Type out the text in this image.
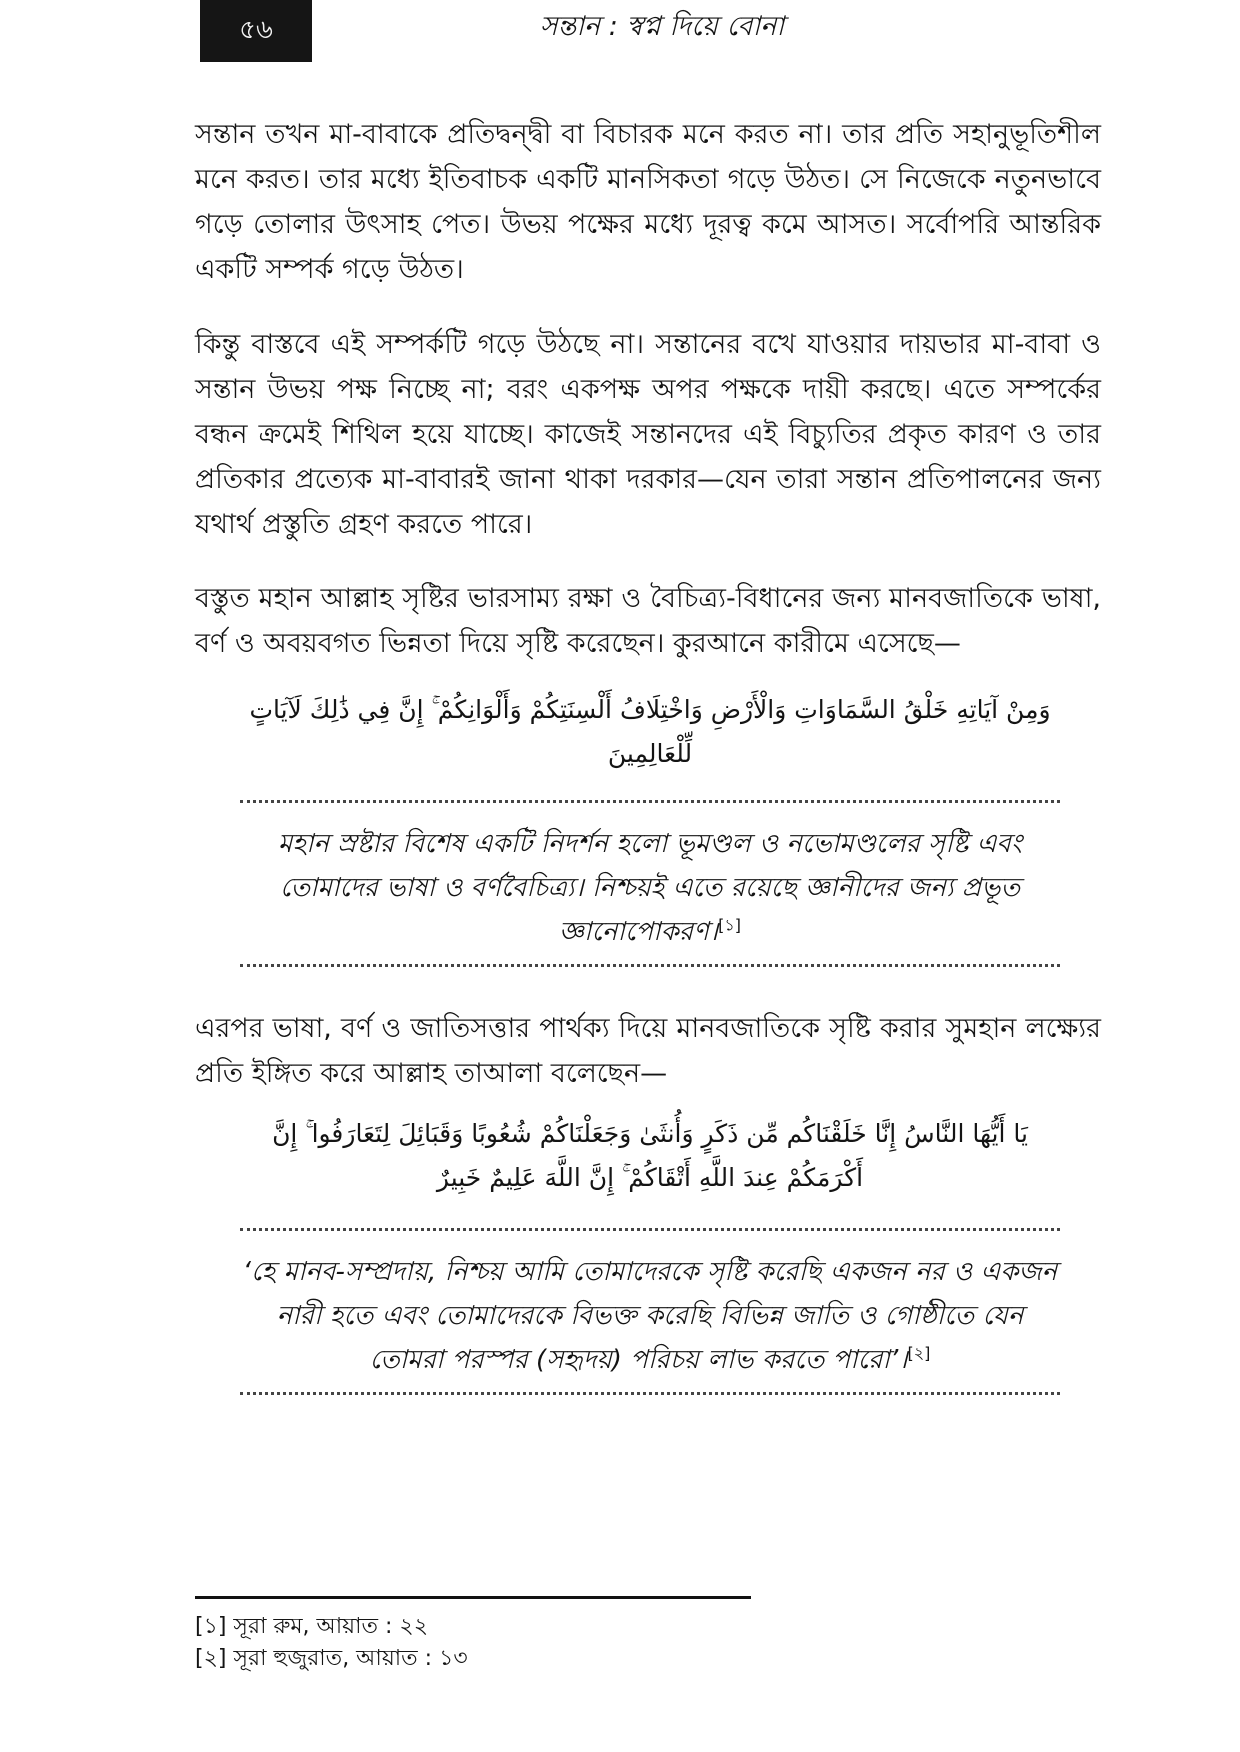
৫৬	সন্তান : স্বপ্ন দিয়ে বোনা

সন্তান তখন মা-বাবাকে প্রতিদ্বন্দ্বী বা বিচারক মনে করত না। তার প্রতি সহানুভূতিশীল মনে করত। তার মধ্যে ইতিবাচক একটি মানসিকতা গড়ে উঠত। সে নিজেকে নতুনভাবে গড়ে তোলার উৎসাহ পেত। উভয় পক্ষের মধ্যে দূরত্ব কমে আসত। সর্বোপরি আন্তরিক একটি সম্পর্ক গড়ে উঠত।

কিন্তু বাস্তবে এই সম্পর্কটি গড়ে উঠছে না। সন্তানের বখে যাওয়ার দায়ভার মা-বাবা ও সন্তান উভয় পক্ষ নিচ্ছে না; বরং একপক্ষ অপর পক্ষকে দায়ী করছে। এতে সম্পর্কের বন্ধন ক্রমেই শিথিল হয়ে যাচ্ছে। কাজেই সন্তানদের এই বিচ্যুতির প্রকৃত কারণ ও তার প্রতিকার প্রত্যেক মা-বাবারই জানা থাকা দরকার—যেন তারা সন্তান প্রতিপালনের জন্য যথার্থ প্রস্তুতি গ্রহণ করতে পারে।

বস্তুত মহান আল্লাহ সৃষ্টির ভারসাম্য রক্ষা ও বৈচিত্র্য-বিধানের জন্য মানবজাতিকে ভাষা, বর্ণ ও অবয়বগত ভিন্নতা দিয়ে সৃষ্টি করেছেন। কুরআনে কারীমে এসেছে—

وَمِنْ آيَاتِهِ خَلْقُ السَّمَاوَاتِ وَالْأَرْضِ وَاخْتِلَافُ أَلْسِنَتِكُمْ وَأَلْوَانِكُمْ ۚ إِنَّ فِي ذَٰلِكَ لَآيَاتٍ لِّلْعَالِمِينَ

মহান স্রষ্টার বিশেষ একটি নিদর্শন হলো ভূমণ্ডল ও নভোমণ্ডলের সৃষ্টি এবং তোমাদের ভাষা ও বর্ণবৈচিত্র্য। নিশ্চয়ই এতে রয়েছে জ্ঞানীদের জন্য প্রভূত জ্ঞানোপোকরণ।[১]

এরপর ভাষা, বর্ণ ও জাতিসত্তার পার্থক্য দিয়ে মানবজাতিকে সৃষ্টি করার সুমহান লক্ষ্যের প্রতি ইঙ্গিত করে আল্লাহ তাআলা বলেছেন—

يَا أَيُّهَا النَّاسُ إِنَّا خَلَقْنَاكُم مِّن ذَكَرٍ وَأُنثَىٰ وَجَعَلْنَاكُمْ شُعُوبًا وَقَبَائِلَ لِتَعَارَفُوا ۚ إِنَّ أَكْرَمَكُمْ عِندَ اللَّهِ أَتْقَاكُمْ ۚ إِنَّ اللَّهَ عَلِيمٌ خَبِيرٌ

‘হে মানব-সম্প্রদায়, নিশ্চয় আমি তোমাদেরকে সৃষ্টি করেছি একজন নর ও একজন নারী হতে এবং তোমাদেরকে বিভক্ত করেছি বিভিন্ন জাতি ও গোষ্ঠীতে যেন তোমরা পরস্পর (সহৃদয়) পরিচয় লাভ করতে পারো’।[২]

[১] সূরা রুম, আয়াত : ২২

[২] সূরা হুজুরাত, আয়াত : ১৩
